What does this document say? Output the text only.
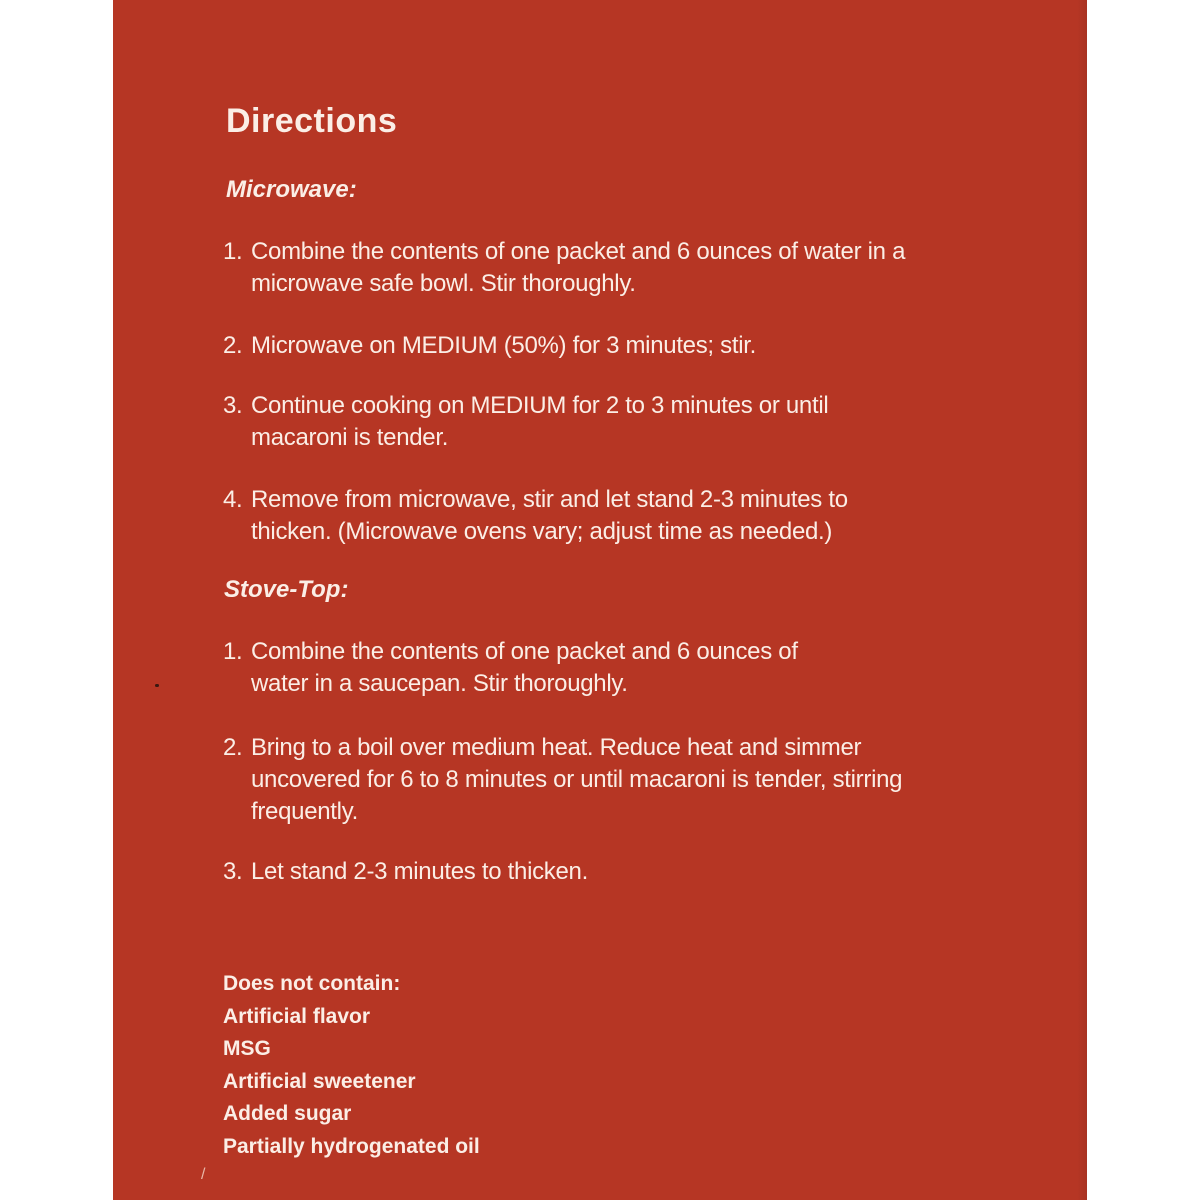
Directions
Microwave:
1. Combine the contents of one packet and 6 ounces of water in a
microwave safe bowl. Stir thoroughly.
2. Microwave on MEDIUM (50%) for 3 minutes; stir.
3. Continue cooking on MEDIUM for 2 to 3 minutes or until
macaroni is tender.
4. Remove from microwave, stir and let stand 2-3 minutes to
thicken. (Microwave ovens vary; adjust time as needed.)
Stove-Top:
1. Combine the contents of one packet and 6 ounces of
water in a saucepan. Stir thoroughly.
2. Bring to a boil over medium heat. Reduce heat and simmer
uncovered for 6 to 8 minutes or until macaroni is tender, stirring
frequently.
3. Let stand 2-3 minutes to thicken.
Does not contain:
Artificial flavor
MSG
Artificial sweetener
Added sugar
Partially hydrogenated oil
/
